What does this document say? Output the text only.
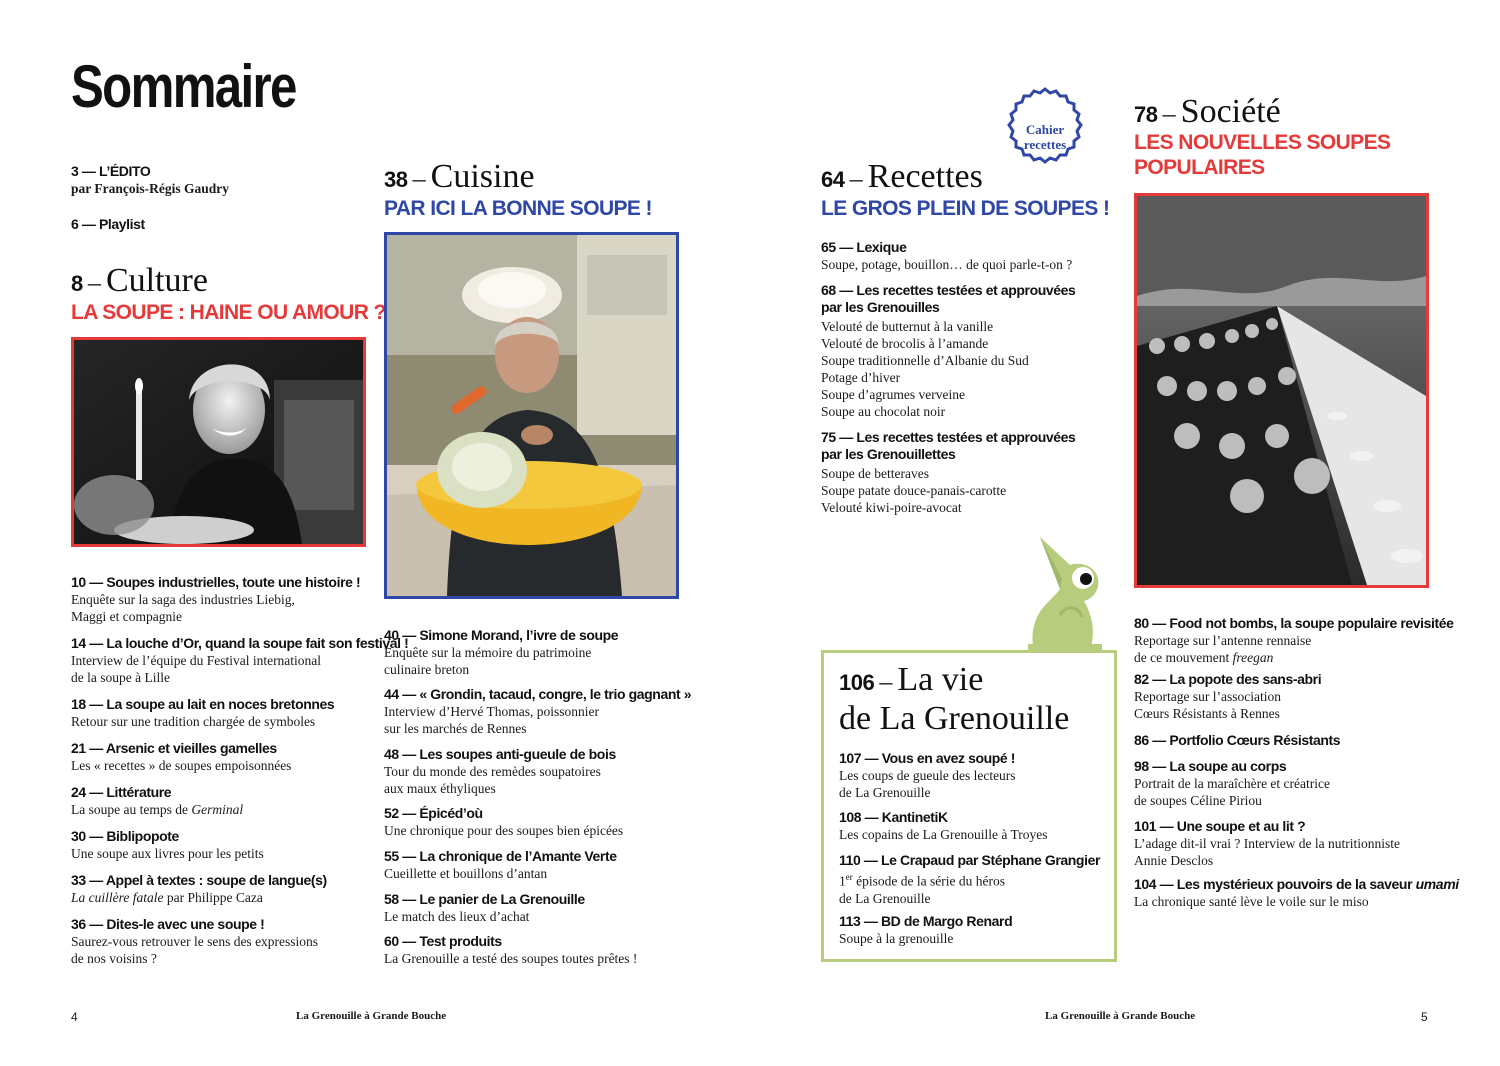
Sommaire
3 — L’ÉDITO
par François-Régis Gaudry
6 — Playlist
8 – Culture
LA SOUPE : HAINE OU AMOUR ?
10 — Soupes industrielles, toute une histoire !
Enquête sur la saga des industries Liebig,
Maggi et compagnie
14 — La louche d’Or, quand la soupe fait son festival !
Interview de l’équipe du Festival international
de la soupe à Lille
18 — La soupe au lait en noces bretonnes
Retour sur une tradition chargée de symboles
21 — Arsenic et vieilles gamelles
Les « recettes » de soupes empoisonnées
24 — Littérature
La soupe au temps de Germinal
30 — Biblipopote
Une soupe aux livres pour les petits
33 — Appel à textes : soupe de langue(s)
La cuillère fatale par Philippe Caza
36 — Dites-le avec une soupe !
Saurez-vous retrouver le sens des expressions
de nos voisins ?
38 – Cuisine
PAR ICI LA BONNE SOUPE !
40 — Simone Morand, l’ivre de soupe
Enquête sur la mémoire du patrimoine
culinaire breton
44 — « Grondin, tacaud, congre, le trio gagnant »
Interview d’Hervé Thomas, poissonnier
sur les marchés de Rennes
48 — Les soupes anti-gueule de bois
Tour du monde des remèdes soupatoires
aux maux éthyliques
52 — Épicéd’où
Une chronique pour des soupes bien épicées
55 — La chronique de l’Amante Verte
Cueillette et bouillons d’antan
58 — Le panier de La Grenouille
Le match des lieux d’achat
60 — Test produits
La Grenouille a testé des soupes toutes prêtes !
Cahier
recettes
64 – Recettes
LE GROS PLEIN DE SOUPES !
65 — Lexique
Soupe, potage, bouillon… de quoi parle-t-on ?
68 — Les recettes testées et approuvées
par les Grenouilles
Velouté de butternut à la vanille
Velouté de brocolis à l’amande
Soupe traditionnelle d’Albanie du Sud
Potage d’hiver
Soupe d’agrumes verveine
Soupe au chocolat noir
75 — Les recettes testées et approuvées
par les Grenouillettes
Soupe de betteraves
Soupe patate douce-panais-carotte
Velouté kiwi-poire-avocat
106 – La vie
de La Grenouille
107 — Vous en avez soupé !
Les coups de gueule des lecteurs
de La Grenouille
108 — KantinetiK
Les copains de La Grenouille à Troyes
110 — Le Crapaud par Stéphane Grangier
1er épisode de la série du héros
de La Grenouille
113 — BD de Margo Renard
Soupe à la grenouille
78 – Société
LES NOUVELLES SOUPES
POPULAIRES
80 — Food not bombs, la soupe populaire revisitée
Reportage sur l’antenne rennaise
de ce mouvement freegan
82 — La popote des sans-abri
Reportage sur l’association
Cœurs Résistants à Rennes
86 — Portfolio Cœurs Résistants
98 — La soupe au corps
Portrait de la maraîchère et créatrice
de soupes Céline Piriou
101 — Une soupe et au lit ?
L’adage dit-il vrai ? Interview de la nutritionniste
Annie Desclos
104 — Les mystérieux pouvoirs de la saveur umami
La chronique santé lève le voile sur le miso
4	La Grenouille à Grande Bouche	La Grenouille à Grande Bouche	5
